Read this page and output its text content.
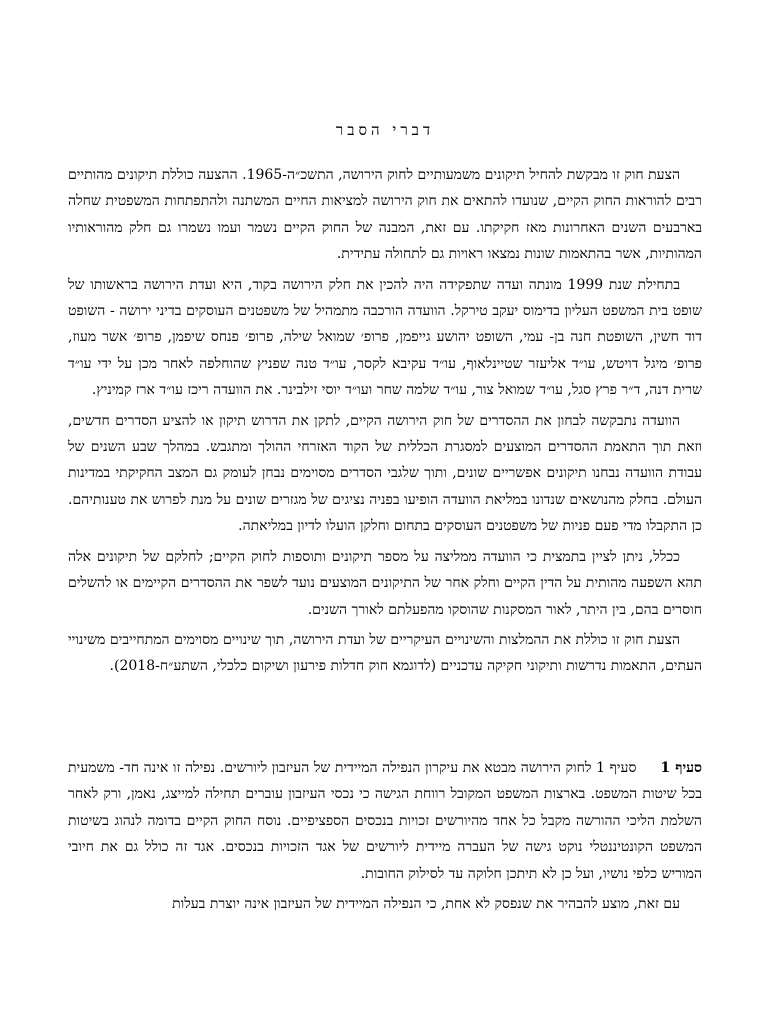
דברי הסבר

הצעת חוק זו מבקשת להחיל תיקונים משמעותיים לחוק הירושה, התשכ״ה-1965. ההצעה כוללת תיקונים מהותיים רבים להוראות החוק הקיים, שנועדו להתאים את חוק הירושה למציאות החיים המשתנה ולהתפתחות המשפטית שחלה בארבעים השנים האחרונות מאז חקיקתו. עם זאת, המבנה של החוק הקיים נשמר ועמו נשמרו גם חלק מהוראותיו המהותיות, אשר בהתאמות שונות נמצאו ראויות גם לתחולה עתידית.

בתחילת שנת 1999 מונתה ועדה שתפקידה היה להכין את חלק הירושה בקוד, היא ועדת הירושה בראשותו של שופט בית המשפט העליון בדימוס יעקב טירקל. הוועדה הורכבה מתמהיל של משפטנים העוסקים בדיני ירושה - השופט דוד חשין, השופטת חנה בן- עמי, השופט יהושע גייפמן, פרופ׳ שמואל שילה, פרופ׳ פנחס שיפמן, פרופ׳ אשר מעוז, פרופ׳ מיגל דויטש, עו״ד אליעזר שטיינלאוף, עו״ד עקיבא לקסר, עו״ד טנה שפניץ שהוחלפה לאחר מכן על ידי עו״ד שרית דנה, ד״ר פרץ סגל, עו״ד שמואל צור, עו״ד שלמה שחר ועו״ד יוסי זילבינר. את הוועדה ריכז עו״ד ארז קמיניץ.

הוועדה נתבקשה לבחון את ההסדרים של חוק הירושה הקיים, לתקן את הדרוש תיקון או להציע הסדרים חדשים, וזאת תוך התאמת ההסדרים המוצעים למסגרת הכללית של הקוד האזרחי ההולך ומתגבש. במהלך שבע השנים של עבודת הוועדה נבחנו תיקונים אפשריים שונים, ותוך שלגבי הסדרים מסוימים נבחן לעומק גם המצב החקיקתי במדינות העולם. בחלק מהנושאים שנדונו במליאת הוועדה הופיעו בפניה נציגים של מגזרים שונים על מנת לפרוש את טענותיהם. כן התקבלו מדי פעם פניות של משפטנים העוסקים בתחום וחלקן הועלו לדיון במליאתה.

ככלל, ניתן לציין בתמצית כי הוועדה ממליצה על מספר תיקונים ותוספות לחוק הקיים; לחלקם של תיקונים אלה תהא השפעה מהותית על הדין הקיים וחלק אחר של התיקונים המוצעים נועד לשפר את ההסדרים הקיימים או להשלים חוסרים בהם, בין היתר, לאור המסקנות שהוסקו מהפעלתם לאורך השנים.

הצעת חוק זו כוללת את ההמלצות והשינויים העיקריים של ועדת הירושה, תוך שינויים מסוימים המתחייבים משינויי העתים, התאמות נדרשות ותיקוני חקיקה עדכניים (לדוגמא חוק חדלות פירעון ושיקום כלכלי, השתע״ח-2018).

סעיף 1סעיף 1 לחוק הירושה מבטא את עיקרון הנפילה המיידית של העיזבון ליורשים. נפילה זו אינה חד- משמעית בכל שיטות המשפט. בארצות המשפט המקובל רווחת הגישה כי נכסי העיזבון עוברים תחילה למייצג, נאמן, ורק לאחר השלמת הליכי ההורשה מקבל כל אחד מהיורשים זכויות בנכסים הספציפיים. נוסח החוק הקיים בדומה לנהוג בשיטות המשפט הקונטיננטלי נוקט גישה של העברה מיידית ליורשים של אגד הזכויות בנכסים. אגד זה כולל גם את חיובי המוריש כלפי נושיו, ועל כן לא תיתכן חלוקה עד לסילוק החובות.

עם זאת, מוצע להבהיר את שנפסק לא אחת, כי הנפילה המיידית של העיזבון אינה יוצרת בעלות
